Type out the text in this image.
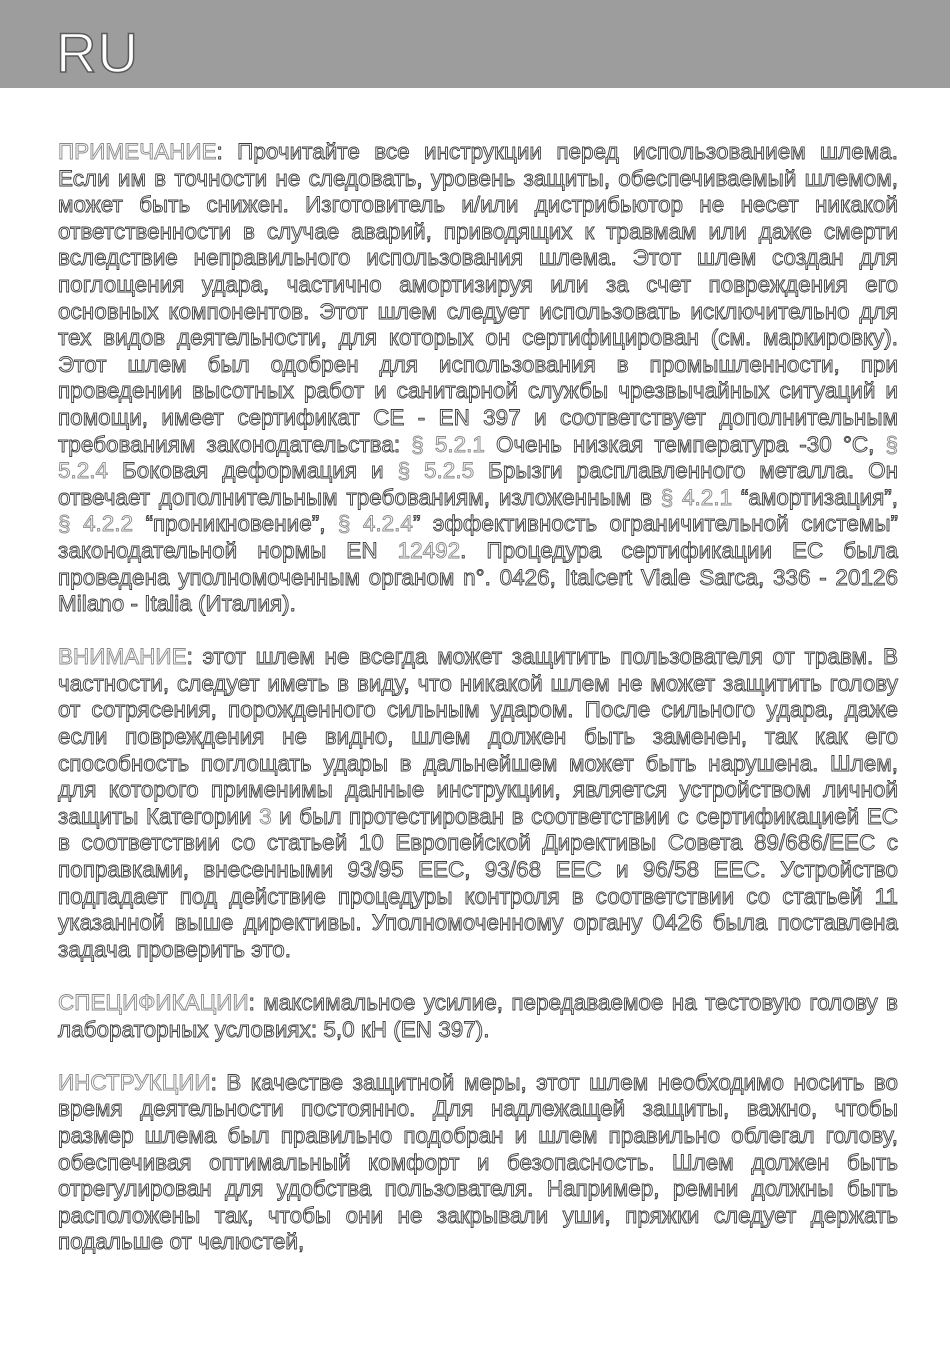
RU

ПРИМЕЧАНИЕ: Прочитайте все инструкции перед использованием шлема. Если им в точности не следовать, уровень защиты, обеспечиваемый шлемом, может быть снижен. Изготовитель и/или дистрибьютор не несет никакой ответственности в случае аварий, приводящих к травмам или даже смерти вследствие неправильного использования шлема. Этот шлем создан для поглощения удара, частично амортизируя или за счет повреждения его основных компонентов. Этот шлем следует использовать исключительно для тех видов деятельности, для которых он сертифицирован (см. маркировку). Этот шлем был одобрен для использования в промышленности, при проведении высотных работ и санитарной службы чрезвычайных ситуаций и помощи, имеет сертификат CE - EN 397 и соответствует дополнительным требованиям законодательства: § 5.2.1 Очень низкая температура -30 °C, § 5.2.4 Боковая деформация и § 5.2.5 Брызги расплавленного металла. Он отвечает дополнительным требованиям, изложенным в § 4.2.1 “амортизация”, § 4.2.2 “проникновение”, § 4.2.4” эффективность ограничительной системы” законодательной нормы EN 12492. Процедура сертификации ЕС была проведена уполномоченным органом n°. 0426, Italcert Viale Sarca, 336 - 20126 Milano - Italia (Италия).

ВНИМАНИЕ: этот шлем не всегда может защитить пользователя от травм. В частности, следует иметь в виду, что никакой шлем не может защитить голову от сотрясения, порожденного сильным ударом. После сильного удара, даже если повреждения не видно, шлем должен быть заменен, так как его способность поглощать удары в дальнейшем может быть нарушена. Шлем, для которого применимы данные инструкции, является устройством личной защиты Категории 3 и был протестирован в соответствии с сертификацией ЕС в соответствии со статьей 10 Европейской Директивы Совета 89/686/EEC с поправками, внесенными 93/95 EEC, 93/68 EEC и 96/58 EEC. Устройство подпадает под действие процедуры контроля в соответствии со статьей 11 указанной выше директивы. Уполномоченному органу 0426 была поставлена задача проверить это.

СПЕЦИФИКАЦИИ: максимальное усилие, передаваемое на тестовую голову в лабораторных условиях: 5,0 кН (EN 397).

ИНСТРУКЦИИ: В качестве защитной меры, этот шлем необходимо носить во время деятельности постоянно. Для надлежащей защиты, важно, чтобы размер шлема был правильно подобран и шлем правильно облегал голову, обеспечивая оптимальный комфорт и безопасность. Шлем должен быть отрегулирован для удобства пользователя. Например, ремни должны быть расположены так, чтобы они не закрывали уши, пряжки следует держать подальше от челюстей,
